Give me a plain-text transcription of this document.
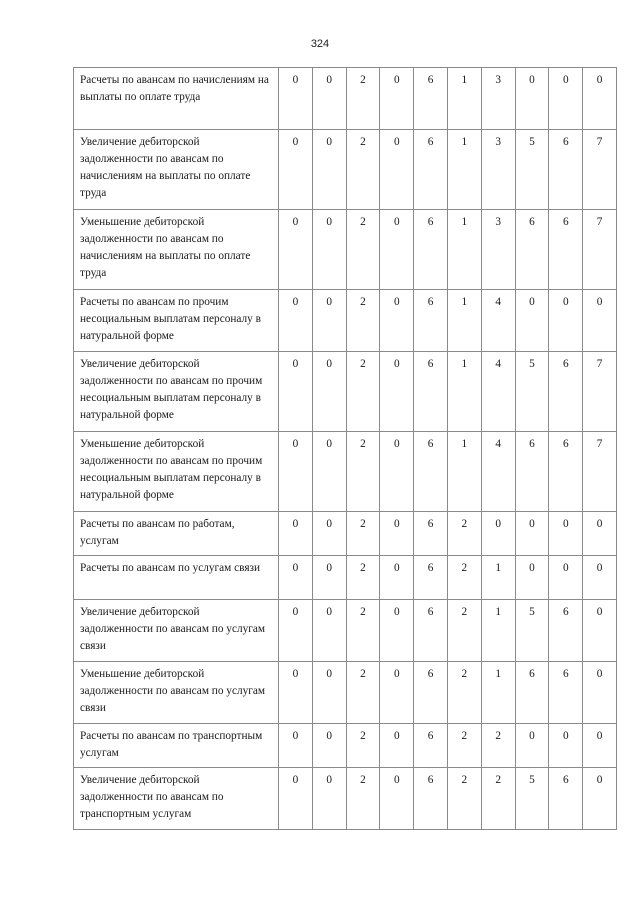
324
Расчеты по авансам по начислениям на выплаты по оплате труда	0	0	2	0	6	1	3	0	0	0
Увеличение дебиторской задолженности по авансам по начислениям на выплаты по оплате труда	0	0	2	0	6	1	3	5	6	7
Уменьшение дебиторской задолженности по авансам по начислениям на выплаты по оплате труда	0	0	2	0	6	1	3	6	6	7
Расчеты по авансам по прочим несоциальным выплатам персоналу в натуральной форме	0	0	2	0	6	1	4	0	0	0
Увеличение дебиторской задолженности по авансам по прочим несоциальным выплатам персоналу в натуральной форме	0	0	2	0	6	1	4	5	6	7
Уменьшение дебиторской задолженности по авансам по прочим несоциальным выплатам персоналу в натуральной форме	0	0	2	0	6	1	4	6	6	7
Расчеты по авансам по работам, услугам	0	0	2	0	6	2	0	0	0	0
Расчеты по авансам по услугам связи	0	0	2	0	6	2	1	0	0	0
Увеличение дебиторской задолженности по авансам по услугам связи	0	0	2	0	6	2	1	5	6	0
Уменьшение дебиторской задолженности по авансам по услугам связи	0	0	2	0	6	2	1	6	6	0
Расчеты по авансам по транспортным услугам	0	0	2	0	6	2	2	0	0	0
Увеличение дебиторской задолженности по авансам по транспортным услугам	0	0	2	0	6	2	2	5	6	0
